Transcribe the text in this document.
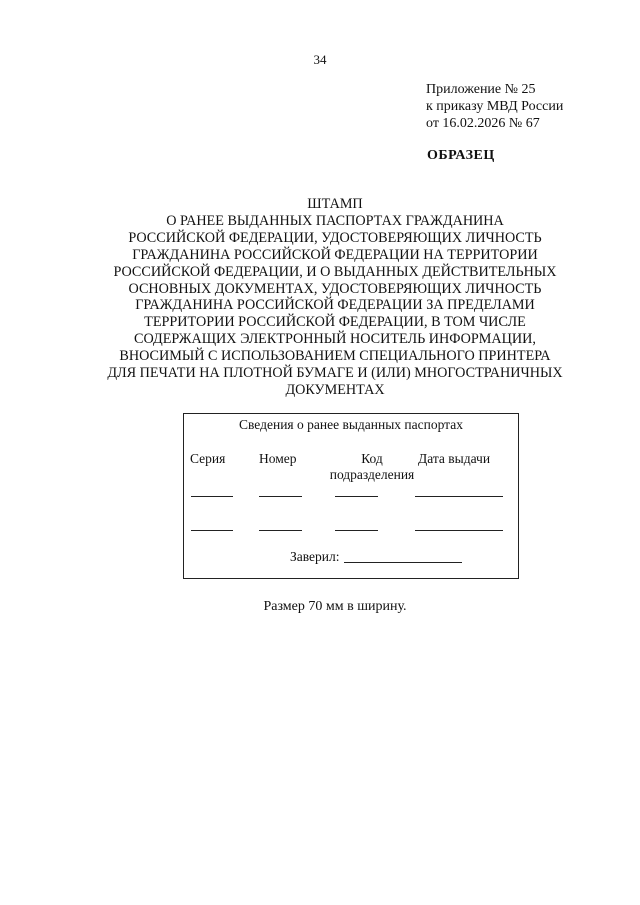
34
Приложение № 25
к приказу МВД России
от 16.02.2026 № 67
ОБРАЗЕЦ
ШТАМП
О РАНЕЕ ВЫДАННЫХ ПАСПОРТАХ ГРАЖДАНИНА
РОССИЙСКОЙ ФЕДЕРАЦИИ, УДОСТОВЕРЯЮЩИХ ЛИЧНОСТЬ
ГРАЖДАНИНА РОССИЙСКОЙ ФЕДЕРАЦИИ НА ТЕРРИТОРИИ
РОССИЙСКОЙ ФЕДЕРАЦИИ, И О ВЫДАННЫХ ДЕЙСТВИТЕЛЬНЫХ
ОСНОВНЫХ ДОКУМЕНТАХ, УДОСТОВЕРЯЮЩИХ ЛИЧНОСТЬ
ГРАЖДАНИНА РОССИЙСКОЙ ФЕДЕРАЦИИ ЗА ПРЕДЕЛАМИ
ТЕРРИТОРИИ РОССИЙСКОЙ ФЕДЕРАЦИИ, В ТОМ ЧИСЛЕ
СОДЕРЖАЩИХ ЭЛЕКТРОННЫЙ НОСИТЕЛЬ ИНФОРМАЦИИ,
ВНОСИМЫЙ С ИСПОЛЬЗОВАНИЕМ СПЕЦИАЛЬНОГО ПРИНТЕРА
ДЛЯ ПЕЧАТИ НА ПЛОТНОЙ БУМАГЕ И (ИЛИ) МНОГОСТРАНИЧНЫХ
ДОКУМЕНТАХ
Сведения о ранее выданных паспортах
Серия Номер	Код
подразделения
Дата выдачи
Заверил:
Размер 70 мм в ширину.
